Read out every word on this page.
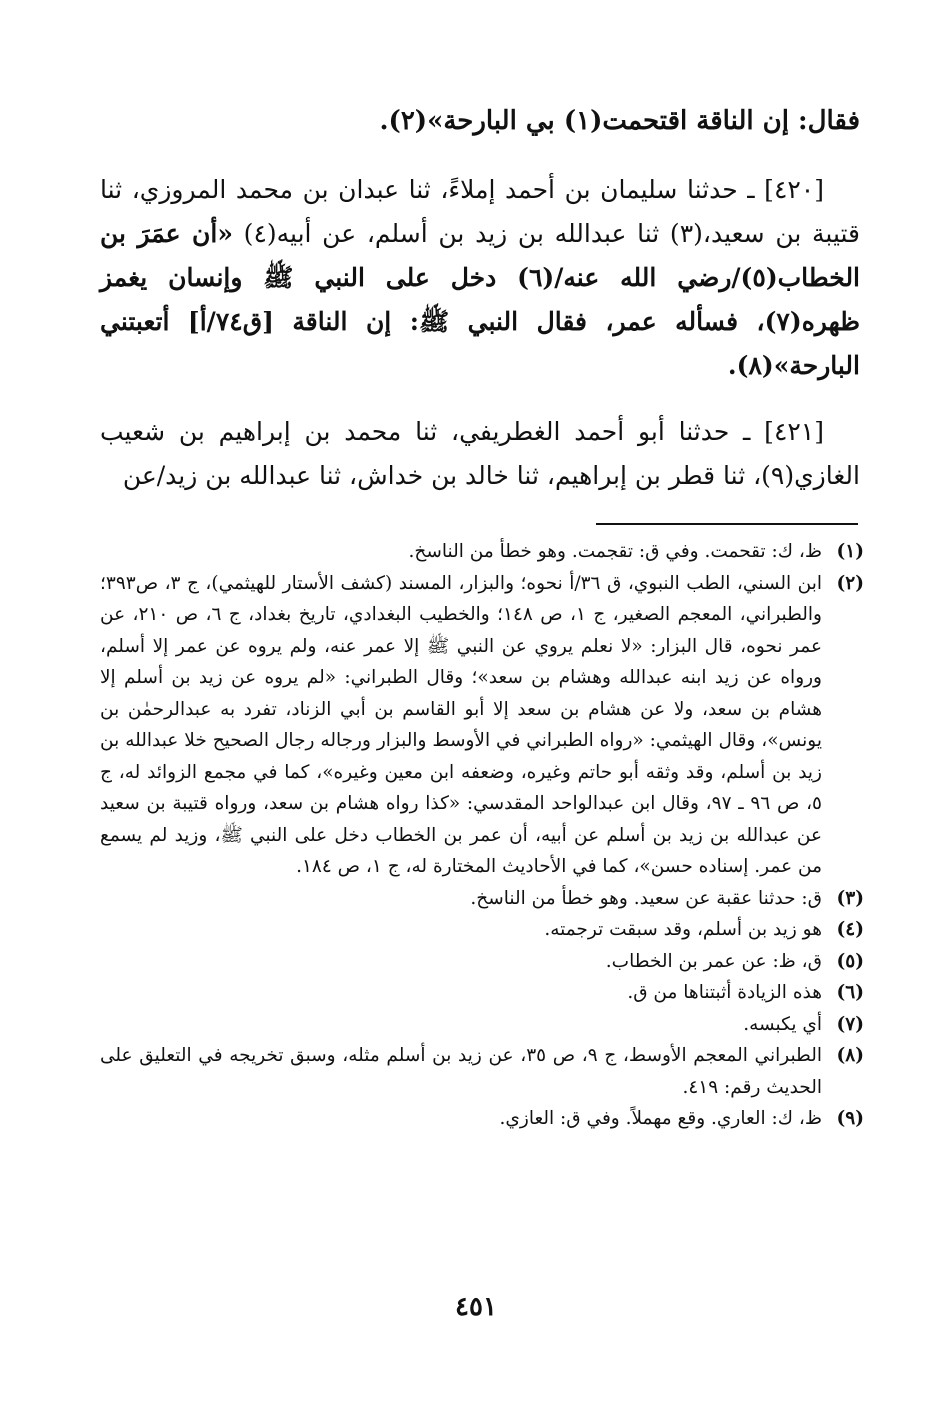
فقال: إن الناقة اقتحمت(١) بي البارحة»(٢).

[٤٢٠] ـ حدثنا سليمان بن أحمد إملاءً، ثنا عبدان بن محمد المروزي، ثنا قتيبة بن سعيد،(٣) ثنا عبدالله بن زيد بن أسلم، عن أبيه(٤) «أن عمَرَ بن الخطاب(٥)/رضي الله عنه/(٦) دخل على النبي ﷺ وإنسان يغمز ظهره(٧)، فسأله عمر، فقال النبي ﷺ: إن الناقة [ق٧٤/أ] أتعبتني البارحة»(٨).

[٤٢١] ـ حدثنا أبو أحمد الغطريفي، ثنا محمد بن إبراهيم بن شعيب الغازي(٩)، ثنا قطر بن إبراهيم، ثنا خالد بن خداش، ثنا عبدالله بن زيد/عن

(١)
ظ، ك: تقحمت. وفي ق: تقجمت. وهو خطأ من الناسخ.
(٢)
ابن السني، الطب النبوي، ق ٣٦/أ نحوه؛ والبزار، المسند (كشف الأستار للهيثمي)، ج ٣، ص٣٩٣؛ والطبراني، المعجم الصغير، ج ١، ص ١٤٨؛ والخطيب البغدادي، تاريخ بغداد، ج ٦، ص ٢١٠، عن عمر نحوه، قال البزار: «لا نعلم يروي عن النبي ﷺ إلا عمر عنه، ولم يروه عن عمر إلا أسلم، ورواه عن زيد ابنه عبدالله وهشام بن سعد»؛ وقال الطبراني: «لم يروه عن زيد بن أسلم إلا هشام بن سعد، ولا عن هشام بن سعد إلا أبو القاسم بن أبي الزناد، تفرد به عبدالرحمٰن بن يونس»، وقال الهيثمي: «رواه الطبراني في الأوسط والبزار ورجاله رجال الصحيح خلا عبدالله بن زيد بن أسلم، وقد وثقه أبو حاتم وغيره، وضعفه ابن معين وغيره»، كما في مجمع الزوائد له، ج ٥، ص ٩٦ ـ ٩٧، وقال ابن عبدالواحد المقدسي: «كذا رواه هشام بن سعد، ورواه قتيبة بن سعيد عن عبدالله بن زيد بن أسلم عن أبيه، أن عمر بن الخطاب دخل على النبي ﷺ، وزيد لم يسمع من عمر. إسناده حسن»، كما في الأحاديث المختارة له، ج ١، ص ١٨٤.
(٣)
ق: حدثنا عقبة عن سعيد. وهو خطأ من الناسخ.
(٤)
هو زيد بن أسلم، وقد سبقت ترجمته.
(٥)
ق، ظ: عن عمر بن الخطاب.
(٦)
هذه الزيادة أثبتناها من ق.
(٧)
أي يكبسه.
(٨)
الطبراني المعجم الأوسط، ج ٩، ص ٣٥، عن زيد بن أسلم مثله، وسبق تخريجه في التعليق على الحديث رقم: ٤١٩.
(٩)
ظ، ك: العاري. وقع مهملاً. وفي ق: العازي.
٤٥١
